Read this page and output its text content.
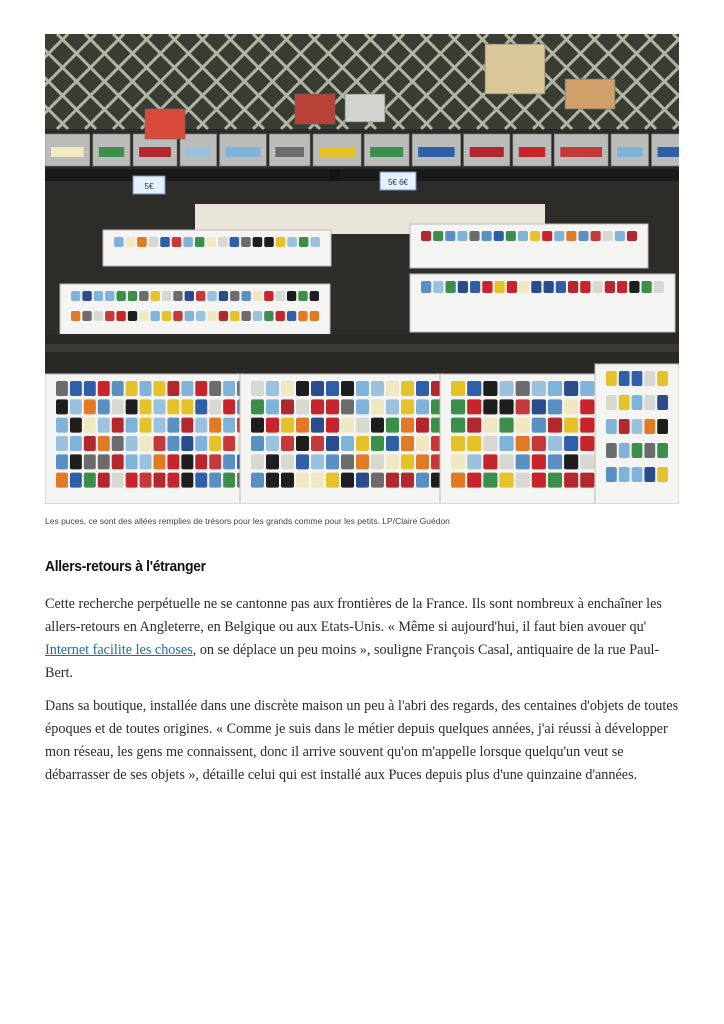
5€	5€ 6€
Les puces, ce sont des allées remplies de trésors pour les grands comme pour les petits. LP/Claire Guédon
Allers-retours à l'étranger
Cette recherche perpétuelle ne se cantonne pas aux frontières de la France. Ils sont nombreux à enchaîner les allers-retours en Angleterre, en Belgique ou aux Etats-Unis. « Même si aujourd'hui, il faut bien avouer qu' Internet facilite les choses, on se déplace un peu moins », souligne François Casal, antiquaire de la rue Paul-Bert.
Dans sa boutique, installée dans une discrète maison un peu à l'abri des regards, des centaines d'objets de toutes époques et de toutes origines. « Comme je suis dans le métier depuis quelques années, j'ai réussi à développer mon réseau, les gens me connaissent, donc il arrive souvent qu'on m'appelle lorsque quelqu'un veut se débarrasser de ses objets », détaille celui qui est installé aux Puces depuis plus d'une quinzaine d'années.
